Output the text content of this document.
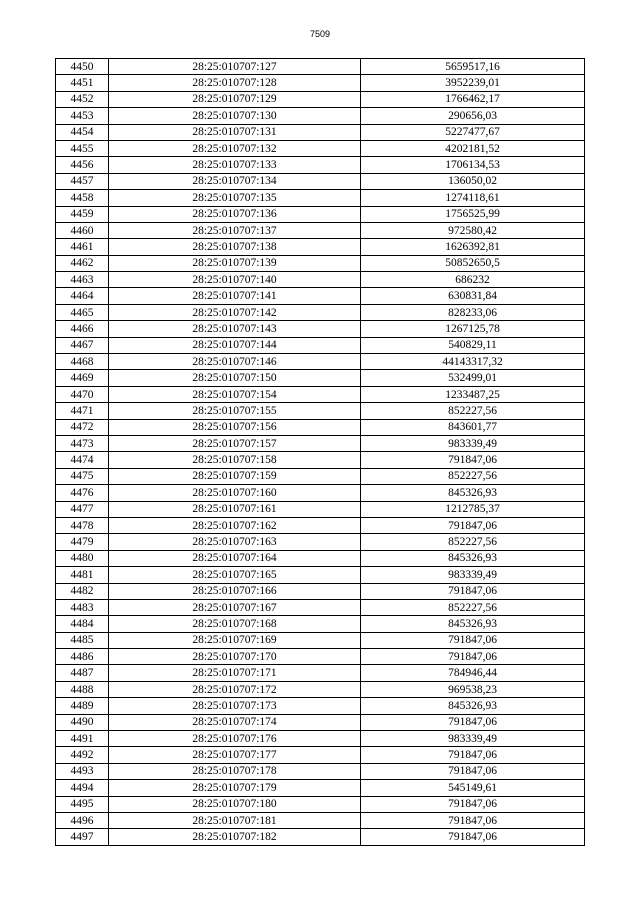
7509
4450	28:25:010707:127	5659517,16
4451	28:25:010707:128	3952239,01
4452	28:25:010707:129	1766462,17
4453	28:25:010707:130	290656,03
4454	28:25:010707:131	5227477,67
4455	28:25:010707:132	4202181,52
4456	28:25:010707:133	1706134,53
4457	28:25:010707:134	136050,02
4458	28:25:010707:135	1274118,61
4459	28:25:010707:136	1756525,99
4460	28:25:010707:137	972580,42
4461	28:25:010707:138	1626392,81
4462	28:25:010707:139	50852650,5
4463	28:25:010707:140	686232
4464	28:25:010707:141	630831,84
4465	28:25:010707:142	828233,06
4466	28:25:010707:143	1267125,78
4467	28:25:010707:144	540829,11
4468	28:25:010707:146	44143317,32
4469	28:25:010707:150	532499,01
4470	28:25:010707:154	1233487,25
4471	28:25:010707:155	852227,56
4472	28:25:010707:156	843601,77
4473	28:25:010707:157	983339,49
4474	28:25:010707:158	791847,06
4475	28:25:010707:159	852227,56
4476	28:25:010707:160	845326,93
4477	28:25:010707:161	1212785,37
4478	28:25:010707:162	791847,06
4479	28:25:010707:163	852227,56
4480	28:25:010707:164	845326,93
4481	28:25:010707:165	983339,49
4482	28:25:010707:166	791847,06
4483	28:25:010707:167	852227,56
4484	28:25:010707:168	845326,93
4485	28:25:010707:169	791847,06
4486	28:25:010707:170	791847,06
4487	28:25:010707:171	784946,44
4488	28:25:010707:172	969538,23
4489	28:25:010707:173	845326,93
4490	28:25:010707:174	791847,06
4491	28:25:010707:176	983339,49
4492	28:25:010707:177	791847,06
4493	28:25:010707:178	791847,06
4494	28:25:010707:179	545149,61
4495	28:25:010707:180	791847,06
4496	28:25:010707:181	791847,06
4497	28:25:010707:182	791847,06
